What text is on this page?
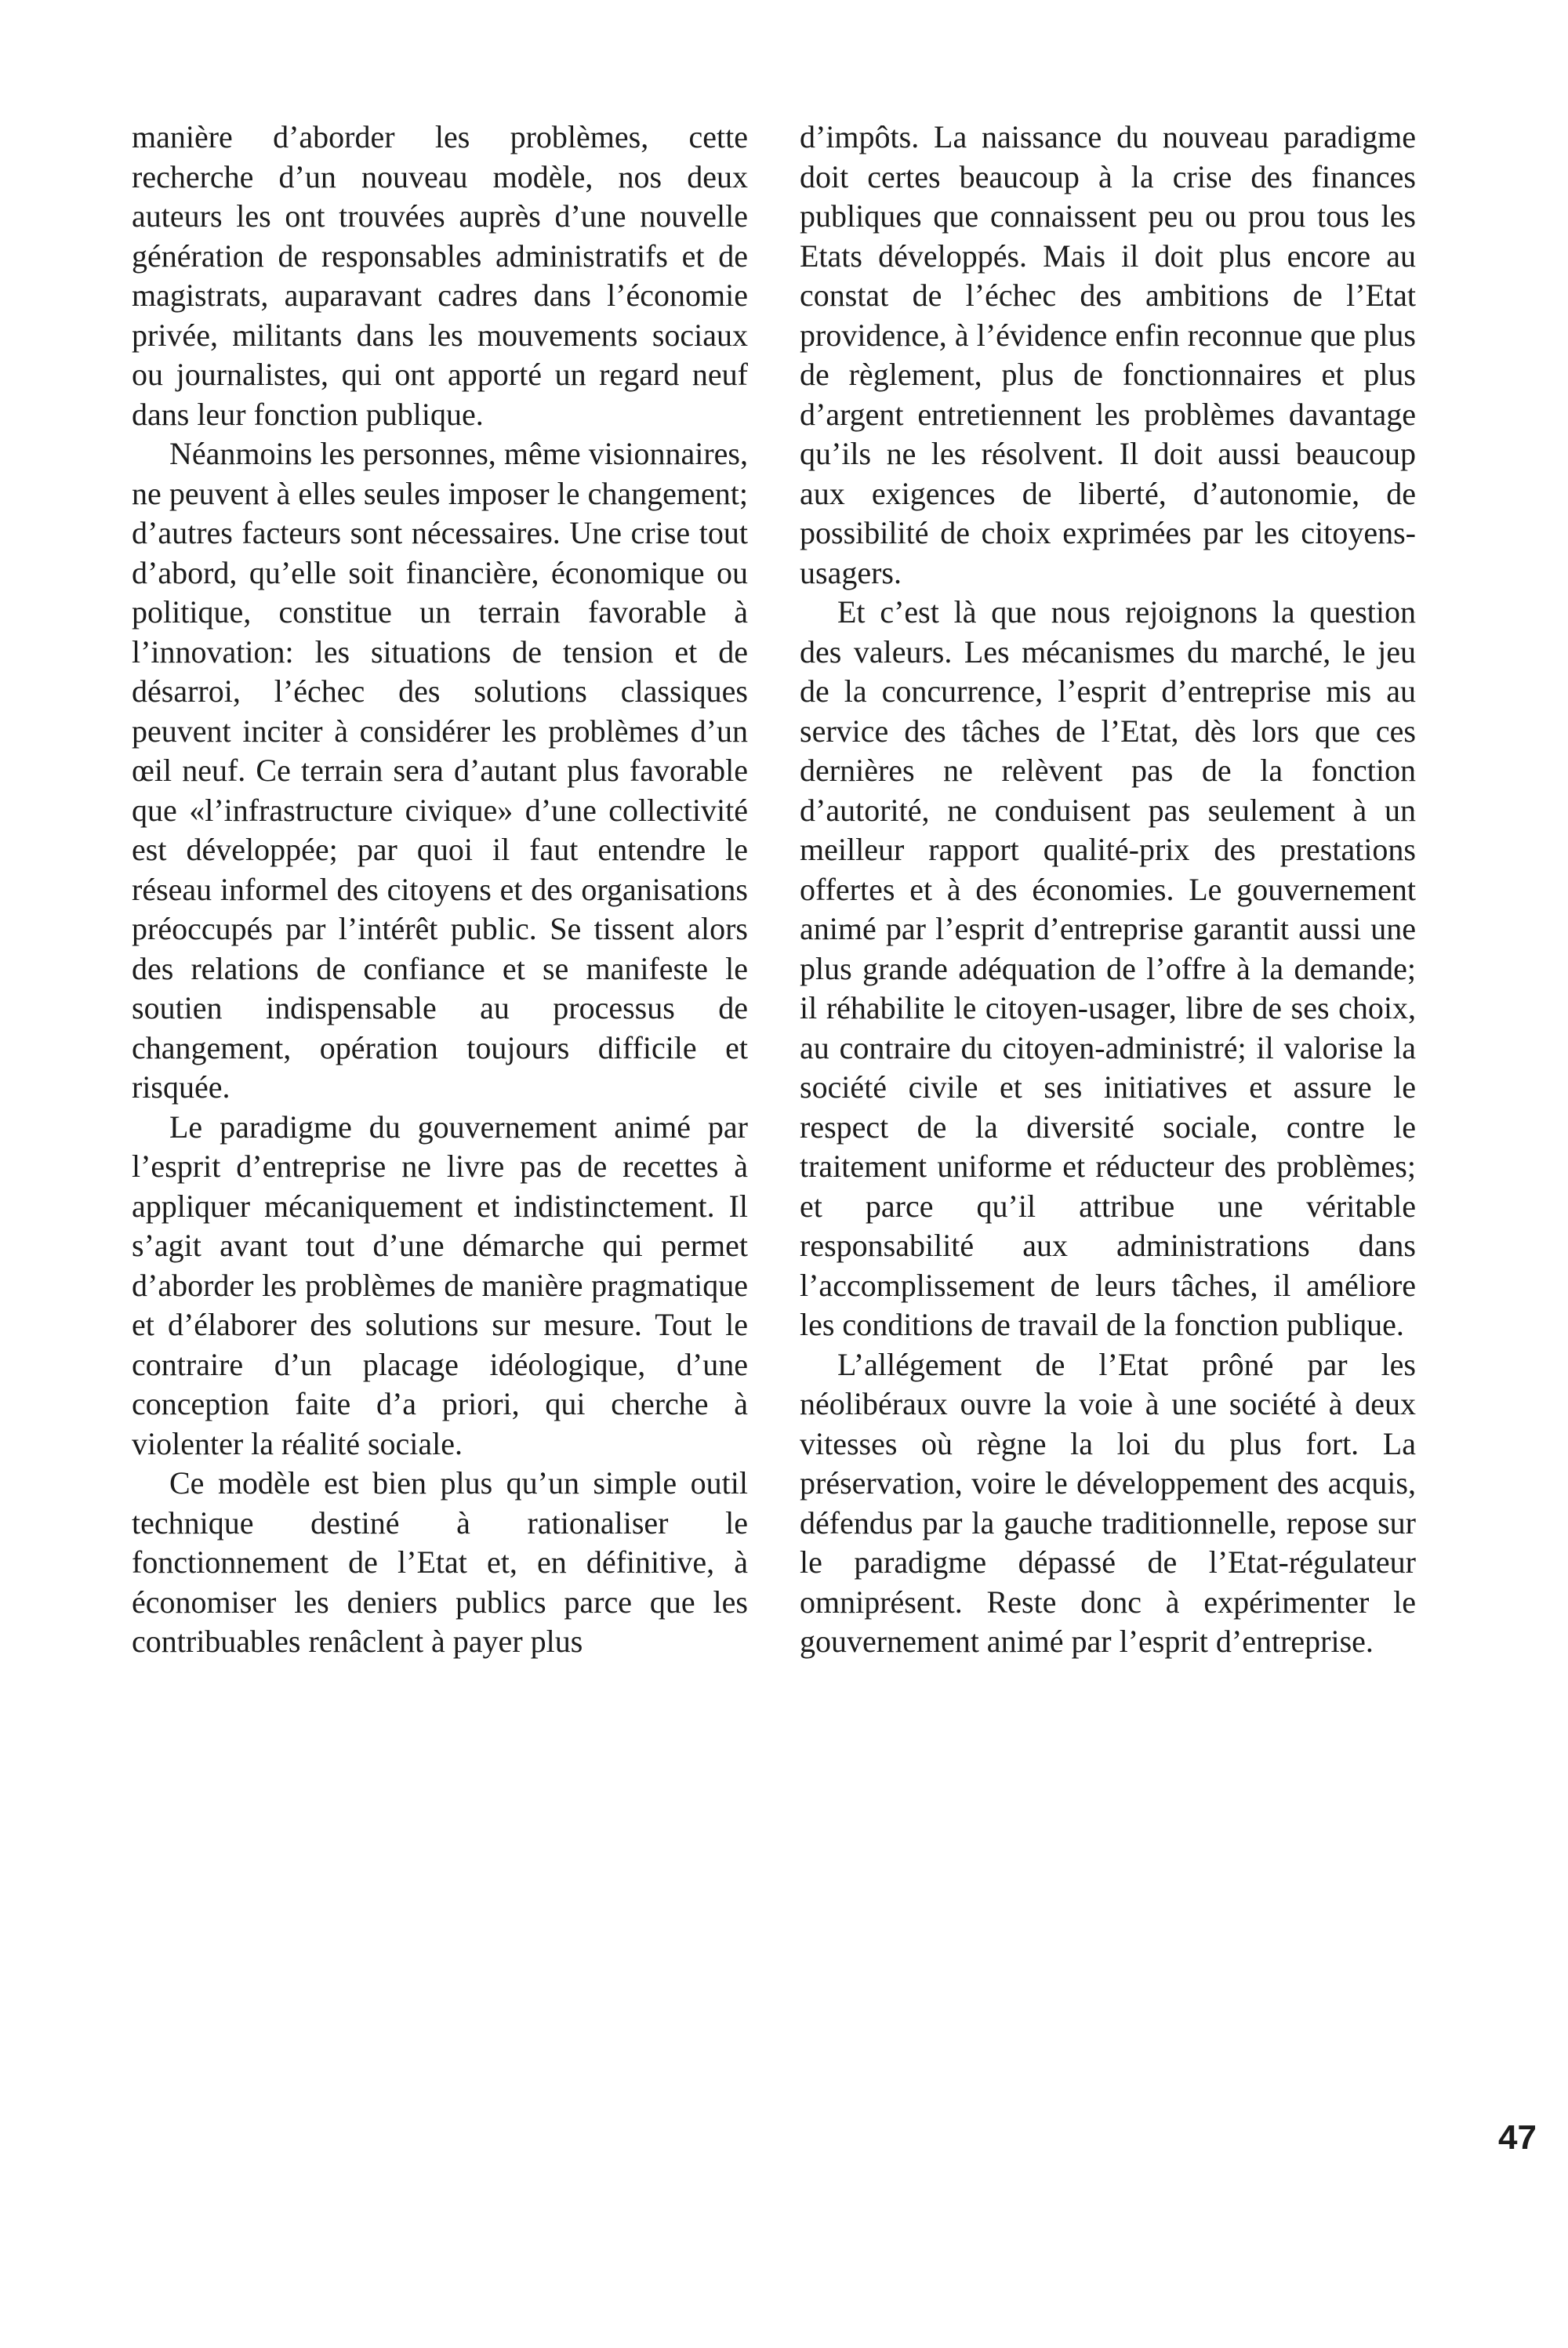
manière d’aborder les problèmes, cette recherche d’un nouveau modèle, nos deux auteurs les ont trouvées auprès d’une nouvelle génération de responsables administratifs et de magistrats, auparavant cadres dans l’économie privée, militants dans les mouvements sociaux ou journalistes, qui ont apporté un regard neuf dans leur fonction publique.

Néanmoins les personnes, même visionnaires, ne peuvent à elles seules imposer le changement; d’autres facteurs sont nécessaires. Une crise tout d’abord, qu’elle soit financière, économique ou politique, constitue un terrain favorable à l’innovation: les situations de tension et de désarroi, l’échec des solutions classiques peuvent inciter à considérer les problèmes d’un œil neuf. Ce terrain sera d’autant plus favorable que «l’infrastructure civique» d’une collectivité est développée; par quoi il faut entendre le réseau informel des citoyens et des organisations préoccupés par l’intérêt public. Se tissent alors des relations de confiance et se manifeste le soutien indispensable au processus de changement, opération toujours difficile et risquée.

Le paradigme du gouvernement animé par l’esprit d’entreprise ne livre pas de recettes à appliquer mécaniquement et indistinctement. Il s’agit avant tout d’une démarche qui permet d’aborder les problèmes de manière pragmatique et d’élaborer des solutions sur mesure. Tout le contraire d’un placage idéologique, d’une conception faite d’a priori, qui cherche à violenter la réalité sociale.

Ce modèle est bien plus qu’un simple outil technique destiné à rationaliser le fonctionnement de l’Etat et, en définitive, à économiser les deniers publics parce que les contribuables renâclent à payer plus

d’impôts. La naissance du nouveau paradigme doit certes beaucoup à la crise des finances publiques que connaissent peu ou prou tous les Etats développés. Mais il doit plus encore au constat de l’échec des ambitions de l’Etat providence, à l’évidence enfin reconnue que plus de règlement, plus de fonctionnaires et plus d’argent entretiennent les problèmes davantage qu’ils ne les résolvent. Il doit aussi beaucoup aux exigences de liberté, d’autonomie, de possibilité de choix exprimées par les citoyens-usagers.

Et c’est là que nous rejoignons la question des valeurs. Les mécanismes du marché, le jeu de la concurrence, l’esprit d’entreprise mis au service des tâches de l’Etat, dès lors que ces dernières ne relèvent pas de la fonction d’autorité, ne conduisent pas seulement à un meilleur rapport qualité-prix des prestations offertes et à des économies. Le gouvernement animé par l’esprit d’entreprise garantit aussi une plus grande adéquation de l’offre à la demande; il réhabilite le citoyen-usager, libre de ses choix, au contraire du citoyen-administré; il valorise la société civile et ses initiatives et assure le respect de la diversité sociale, contre le traitement uniforme et réducteur des problèmes; et parce qu’il attribue une véritable responsabilité aux administrations dans l’accomplissement de leurs tâches, il améliore les conditions de travail de la fonction publique.

L’allégement de l’Etat prôné par les néolibéraux ouvre la voie à une société à deux vitesses où règne la loi du plus fort. La préservation, voire le développement des acquis, défendus par la gauche traditionnelle, repose sur le paradigme dépassé de l’Etat-régulateur omniprésent. Reste donc à expérimenter le gouvernement animé par l’esprit d’entreprise.

47
